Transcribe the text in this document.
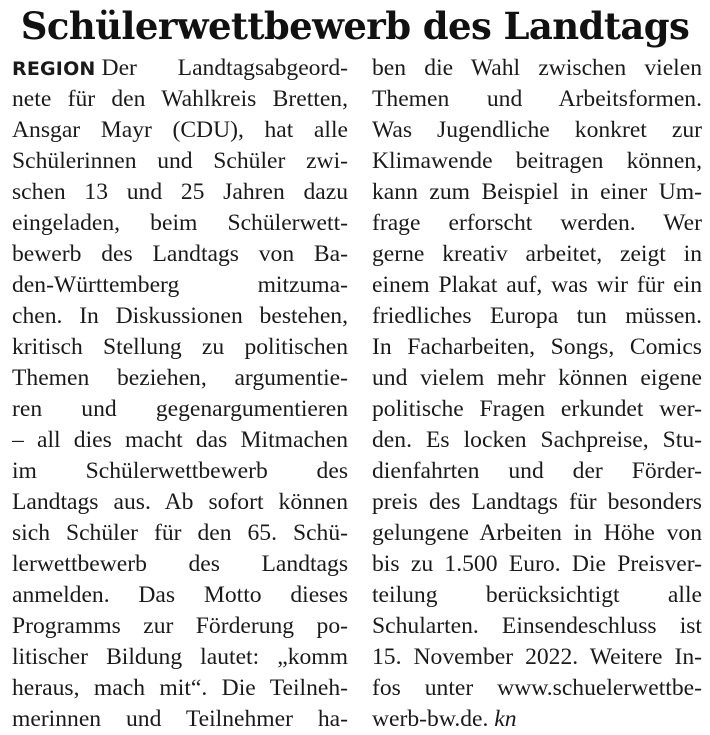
Schülerwettbewerb des Landtags
REGION Der Landtagsabgeord-
nete für den Wahlkreis Bretten,
Ansgar Mayr (CDU), hat alle
Schülerinnen und Schüler zwi-
schen 13 und 25 Jahren dazu
eingeladen, beim Schülerwett-
bewerb des Landtags von Ba-
den-Württemberg mitzuma-
chen. In Diskussionen bestehen,
kritisch Stellung zu politischen
Themen beziehen, argumentie-
ren und gegenargumentieren
– all dies macht das Mitmachen
im Schülerwettbewerb des
Landtags aus. Ab sofort können
sich Schüler für den 65. Schü-
lerwettbewerb des Landtags
anmelden. Das Motto dieses
Programms zur Förderung po-
litischer Bildung lautet: „komm
heraus, mach mit“. Die Teilneh-
merinnen und Teilnehmer ha-
ben die Wahl zwischen vielen
Themen und Arbeitsformen.
Was Jugendliche konkret zur
Klimawende beitragen können,
kann zum Beispiel in einer Um-
frage erforscht werden. Wer
gerne kreativ arbeitet, zeigt in
einem Plakat auf, was wir für ein
friedliches Europa tun müssen.
In Facharbeiten, Songs, Comics
und vielem mehr können eigene
politische Fragen erkundet wer-
den. Es locken Sachpreise, Stu-
dienfahrten und der Förder-
preis des Landtags für besonders
gelungene Arbeiten in Höhe von
bis zu 1.500 Euro. Die Preisver-
teilung berücksichtigt alle
Schularten. Einsendeschluss ist
15. November 2022. Weitere In-
fos unter www.schuelerwettbe-
werb-bw.de. kn
